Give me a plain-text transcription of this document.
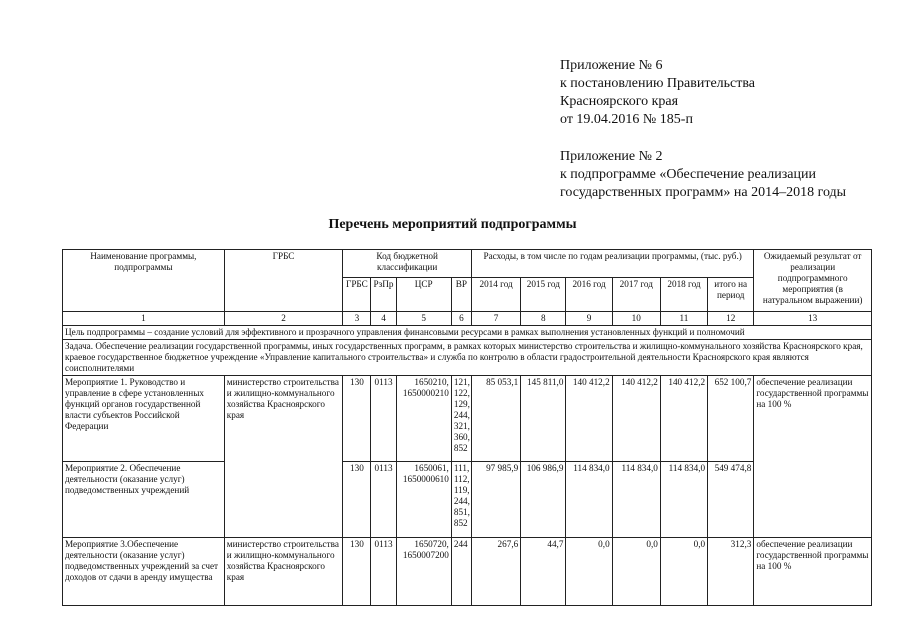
Приложение № 6
к постановлению Правительства
Красноярского края
от 19.04.2016 № 185-п
Приложение № 2
к подпрограмме «Обеспечение реализации
государственных программ» на 2014–2018 годы
Перечень мероприятий подпрограммы
Наименование программы, подпрограммы	ГРБС	Код бюджетной классификации				Расходы, в том числе по годам реализации программы, (тыс. руб.)						Ожидаемый результат от реализации подпрограммного мероприятия (в натуральном выражении)
		ГРБС	РзПр	ЦСР	ВР	2014 год	2015 год	2016 год	2017 год	2018 год	итого на период	
1	2	3	4	5	6	7	8	9	10	11	12	13
Цель подпрограммы – создание условий для эффективного и прозрачного управления финансовыми ресурсами в рамках выполнения установленных функций и полномочий												
Задача. Обеспечение реализации государственной программы, иных государственных программ, в рамках которых министерство строительства и жилищно-коммунального хозяйства Красноярского края, краевое государственное бюджетное учреждение «Управление капитального строительства» и служба по контролю в области градостроительной деятельности Красноярского края являются соисполнителями												
Мероприятие 1. Руководство и управление в сфере установленных функций органов государственной власти субъектов Российской Федерации	министерство строительства и жилищно-коммунального хозяйства Красноярского края	130	0113	1650210, 1650000210	121, 122, 129, 244, 321, 360, 852	85 053,1	145 811,0	140 412,2	140 412,2	140 412,2	652 100,7	обеспечение реализации государственной программы на 100 %
Мероприятие 2. Обеспечение деятельности (оказание услуг) подведомственных учреждений		130	0113	1650061, 1650000610	111, 112, 119, 244, 851, 852	97 985,9	106 986,9	114 834,0	114 834,0	114 834,0	549 474,8	
Мероприятие 3.Обеспечение деятельности (оказание услуг) подведомственных учреждений за счет доходов от сдачи в аренду имущества	министерство строительства и жилищно-коммунального хозяйства Красноярского края	130	0113	1650720, 1650007200	244	267,6	44,7	0,0	0,0	0,0	312,3	обеспечение реализации государственной программы на 100 %
